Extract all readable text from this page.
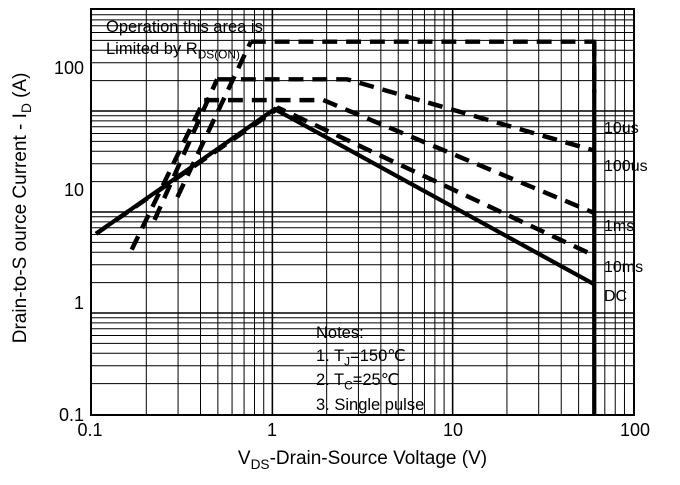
Drain-to-S ource Current - $I_D$ (A)
$V_{DS}-Drain$-Source Voltage (V)
0.1	1	10	100
0.1
1
10
100
Operation this area is
Limited by $R_{DS(ON)}$
Notes:
1. $T_J=150℃$
2. $T_C=25℃$
3. Single pulse
10us
100us
1ms
10ms
DC
